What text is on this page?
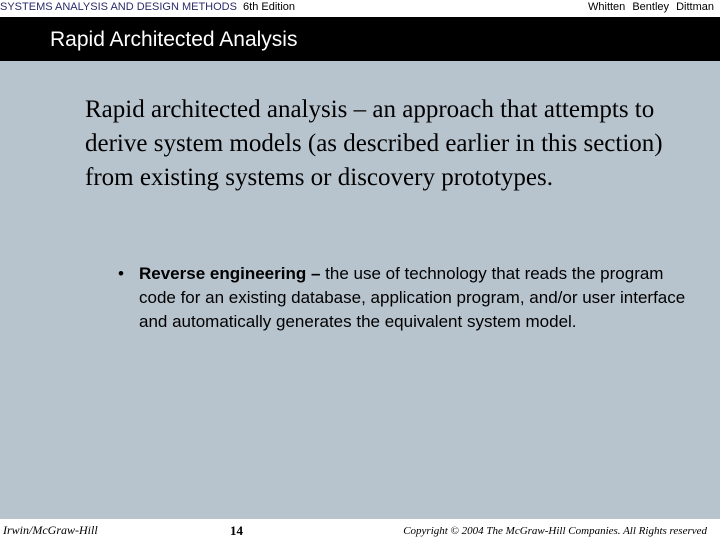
SYSTEMS ANALYSIS AND DESIGN METHODS 6th Edition	Whitten Bentley Dittman
Rapid Architected Analysis

Rapid architected analysis – an approach that attempts to derive system models (as described earlier in this section) from existing systems or discovery prototypes.

• Reverse engineering – the use of technology that reads the program code for an existing database, application program, and/or user interface and automatically generates the equivalent system model.

Irwin/McGraw-Hill	14	Copyright © 2004 The McGraw-Hill Companies. All Rights reserved
